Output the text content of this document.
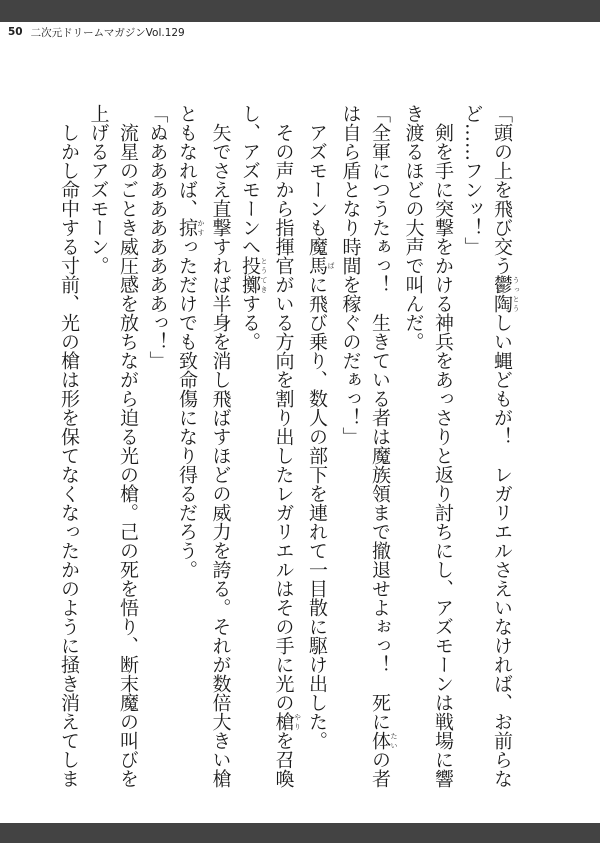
50 二次元ドリームマガジンVol.129

「頭の上を飛び交う鬱陶 うっとうしい蝿どもが！　レガリエルさえいなければ、お前らな

ど……フンッ！」

　剣を手に突撃をかける神兵をあっさりと返り討ちにし、アズモーンは戦場に響

き渡るほどの大声で叫んだ。

「全軍につうたぁっ！　生きている者は魔族領まで撤退せよぉっ！　死に体 たいの者

は自ら盾となり時間を稼ぐのだぁっ！」

　アズモーンも魔馬 ばに飛び乗り、数人の部下を連れて一目散に駆け出した。

　その声から指揮官がいる方向を割り出したレガリエルはその手に光の槍 やりを召喚

し、アズモーンへ投擲 とうてきする。

　矢でさえ直撃すれば半身を消し飛ばすほどの威力を誇る。それが数倍大きい槍

ともなれば、掠 かすっただけでも致命傷になり得るだろう。

「ぬあああああああああっ！」

　流星のごとき威圧感を放ちながら迫る光の槍。己の死を悟り、断末魔の叫びを

上げるアズモーン。

　しかし命中する寸前、光の槍は形を保てなくなったかのように掻き消えてしま
